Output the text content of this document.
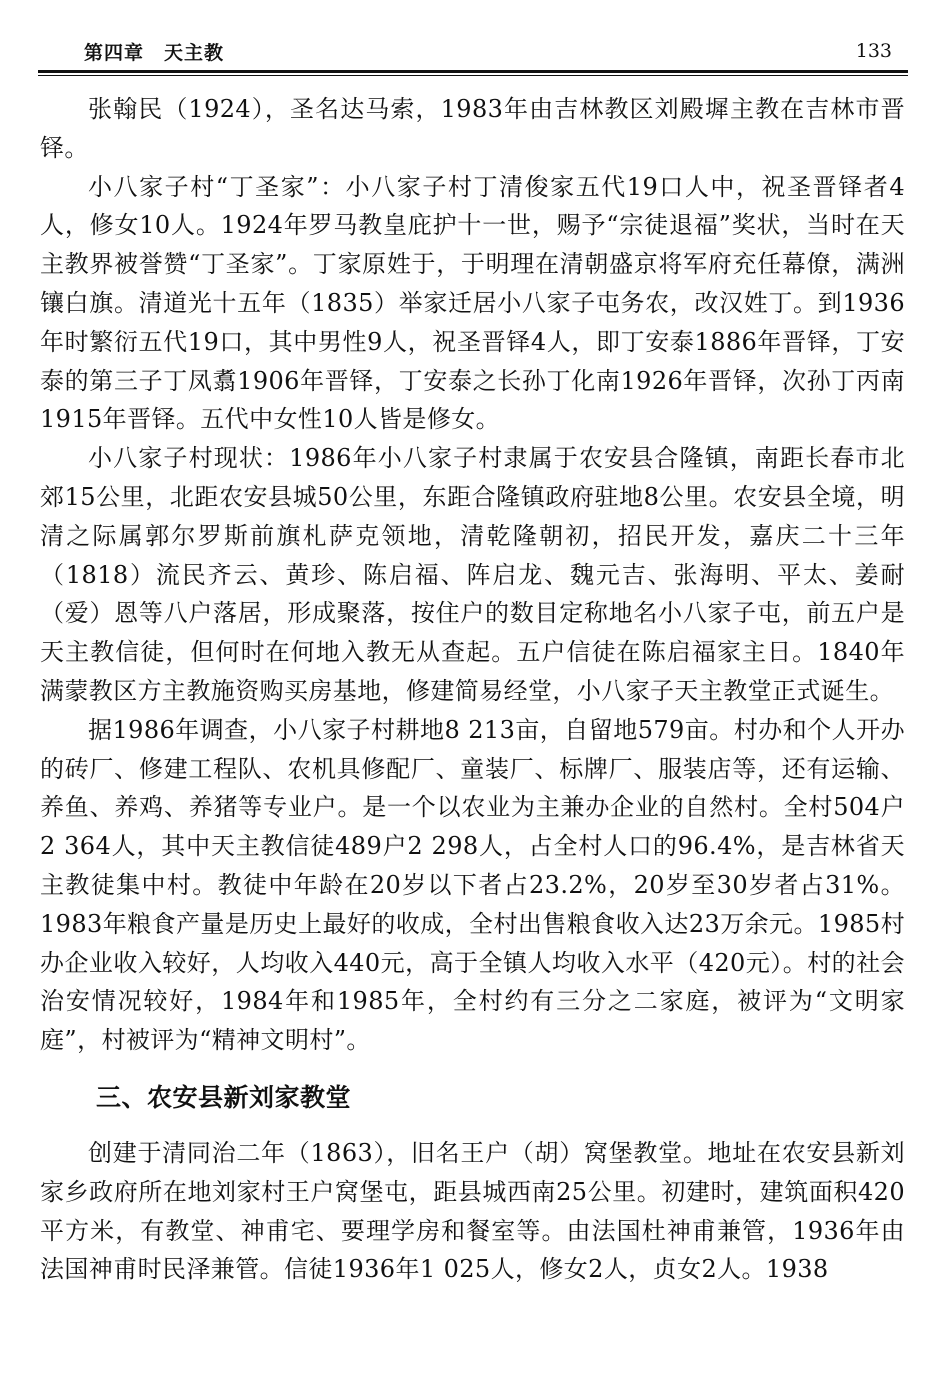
第四章　天主教	133

张翰民（1924），圣名达马索，1983年由吉林教区刘殿墀主教在吉林市晋铎。

小八家子村“丁圣家”：小八家子村丁清俊家五代19口人中，祝圣晋铎者4人，修女10人。1924年罗马教皇庇护十一世，赐予“宗徒退福”奖状，当时在天主教界被誉赞“丁圣家”。丁家原姓于，于明理在清朝盛京将军府充任幕僚，满洲镶白旗。清道光十五年（1835）举家迁居小八家子屯务农，改汉姓丁。到1936年时繁衍五代19口，其中男性9人，祝圣晋铎4人，即丁安泰1886年晋铎，丁安泰的第三子丁凤翥1906年晋铎，丁安泰之长孙丁化南1926年晋铎，次孙丁丙南1915年晋铎。五代中女性10人皆是修女。

小八家子村现状：1986年小八家子村隶属于农安县合隆镇，南距长春市北郊15公里，北距农安县城50公里，东距合隆镇政府驻地8公里。农安县全境，明清之际属郭尔罗斯前旗札萨克领地，清乾隆朝初，招民开发，嘉庆二十三年（1818）流民齐云、黄珍、陈启福、阵启龙、魏元吉、张海明、平太、姜耐（爱）恩等八户落居，形成聚落，按住户的数目定称地名小八家子屯，前五户是天主教信徒，但何时在何地入教无从查起。五户信徒在陈启福家主日。1840年满蒙教区方主教施资购买房基地，修建简易经堂，小八家子天主教堂正式诞生。

据1986年调查，小八家子村耕地8 213亩，自留地579亩。村办和个人开办的砖厂、修建工程队、农机具修配厂、童装厂、标牌厂、服装店等，还有运输、养鱼、养鸡、养猪等专业户。是一个以农业为主兼办企业的自然村。全村504户2 364人，其中天主教信徒489户2 298人，占全村人口的96.4%，是吉林省天主教徒集中村。教徒中年龄在20岁以下者占23.2%，20岁至30岁者占31%。1983年粮食产量是历史上最好的收成，全村出售粮食收入达23万余元。1985村办企业收入较好，人均收入440元，高于全镇人均收入水平（420元）。村的社会治安情况较好，1984年和1985年，全村约有三分之二家庭，被评为“文明家庭”，村被评为“精神文明村”。

三、农安县新刘家教堂

创建于清同治二年（1863），旧名王户（胡）窝堡教堂。地址在农安县新刘家乡政府所在地刘家村王户窝堡屯，距县城西南25公里。初建时，建筑面积420平方米，有教堂、神甫宅、要理学房和餐室等。由法国杜神甫兼管，1936年由法国神甫时民泽兼管。信徒1936年1 025人，修女2人，贞女2人。1938
